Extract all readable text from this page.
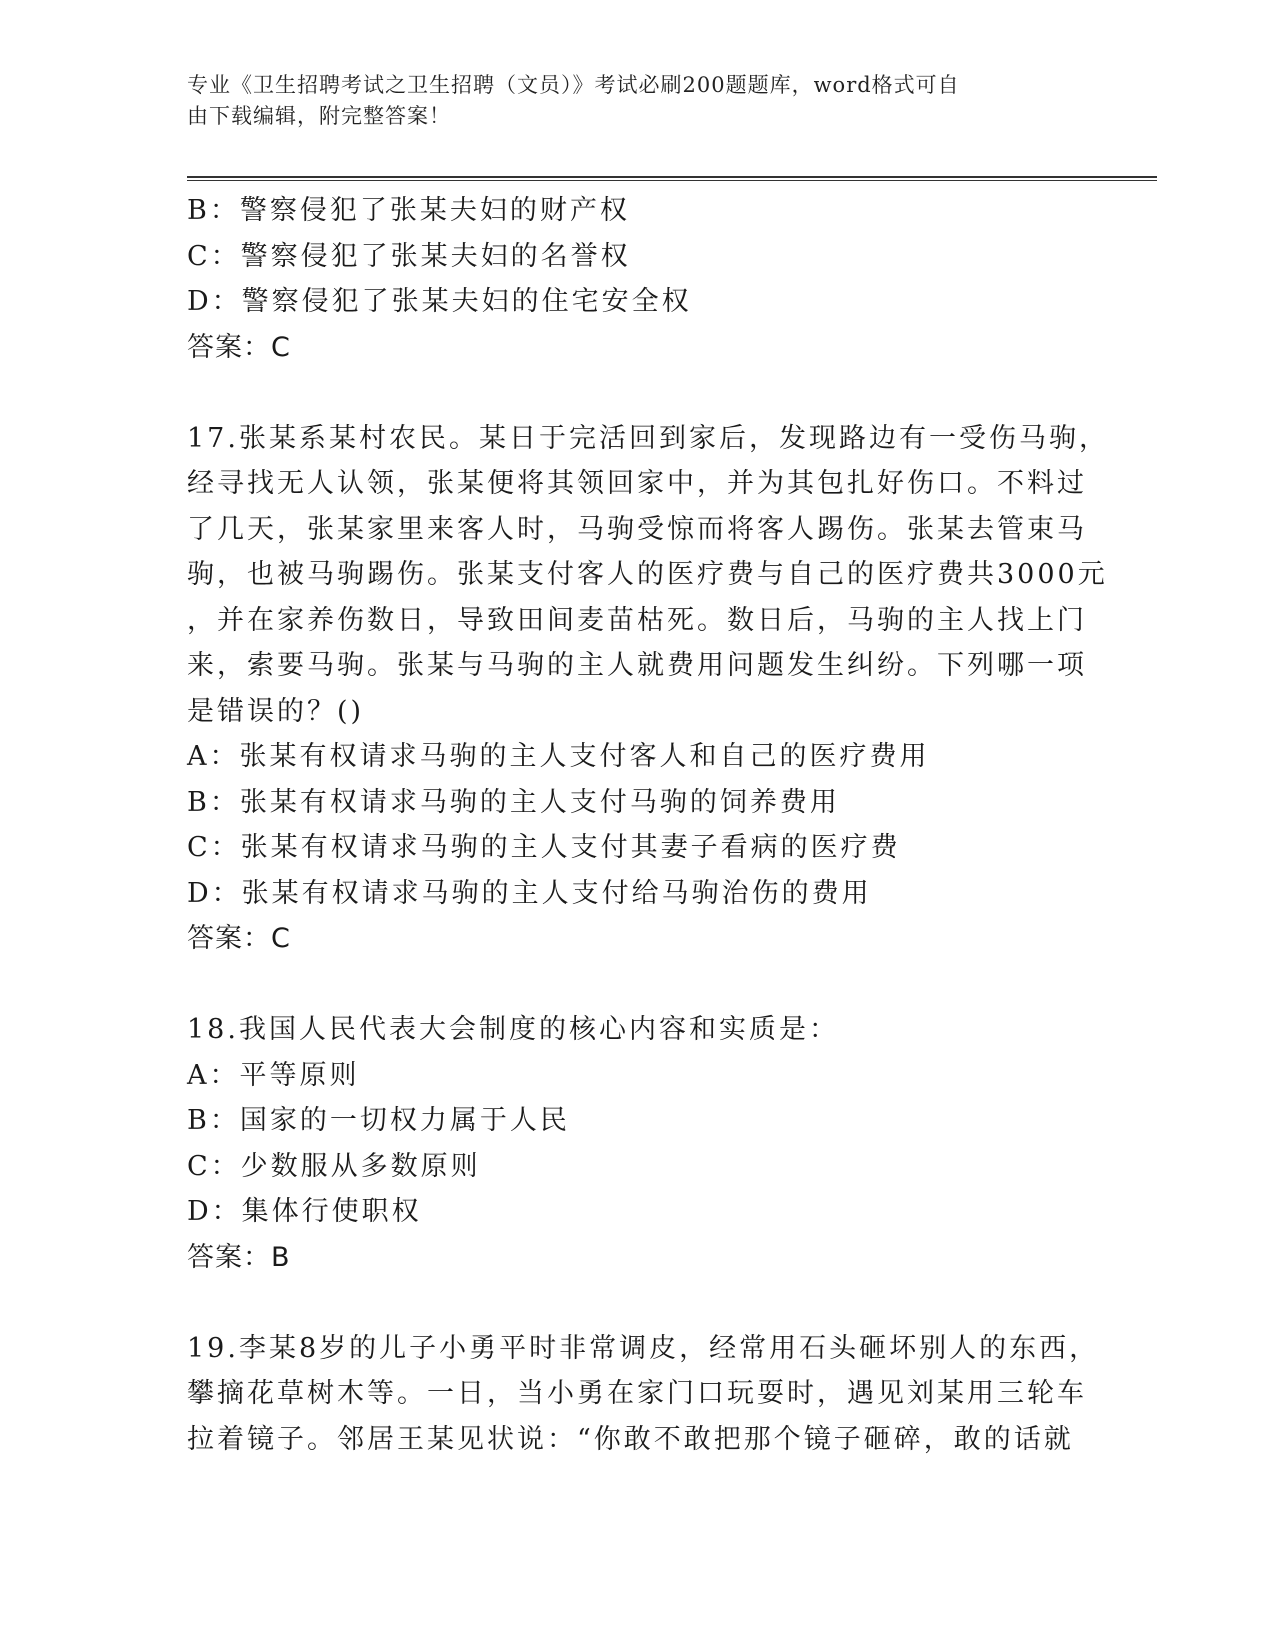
专业《卫生招聘考试之卫生招聘（文员）》考试必刷200题题库，word格式可自
由下载编辑，附完整答案！
B：警察侵犯了张某夫妇的财产权
C：警察侵犯了张某夫妇的名誉权
D：警察侵犯了张某夫妇的住宅安全权
答案：C
17.张某系某村农民。某日于完活回到家后，发现路边有一受伤马驹，
经寻找无人认领，张某便将其领回家中，并为其包扎好伤口。不料过
了几天，张某家里来客人时，马驹受惊而将客人踢伤。张某去管束马
驹，也被马驹踢伤。张某支付客人的医疗费与自己的医疗费共3000元
，并在家养伤数日，导致田间麦苗枯死。数日后，马驹的主人找上门
来，索要马驹。张某与马驹的主人就费用问题发生纠纷。下列哪一项
是错误的？()
A：张某有权请求马驹的主人支付客人和自己的医疗费用
B：张某有权请求马驹的主人支付马驹的饲养费用
C：张某有权请求马驹的主人支付其妻子看病的医疗费
D：张某有权请求马驹的主人支付给马驹治伤的费用
答案：C
18.我国人民代表大会制度的核心内容和实质是：
A：平等原则
B：国家的一切权力属于人民
C：少数服从多数原则
D：集体行使职权
答案：B
19.李某8岁的儿子小勇平时非常调皮，经常用石头砸坏别人的东西，
攀摘花草树木等。一日，当小勇在家门口玩耍时，遇见刘某用三轮车
拉着镜子。邻居王某见状说：“你敢不敢把那个镜子砸碎，敢的话就
